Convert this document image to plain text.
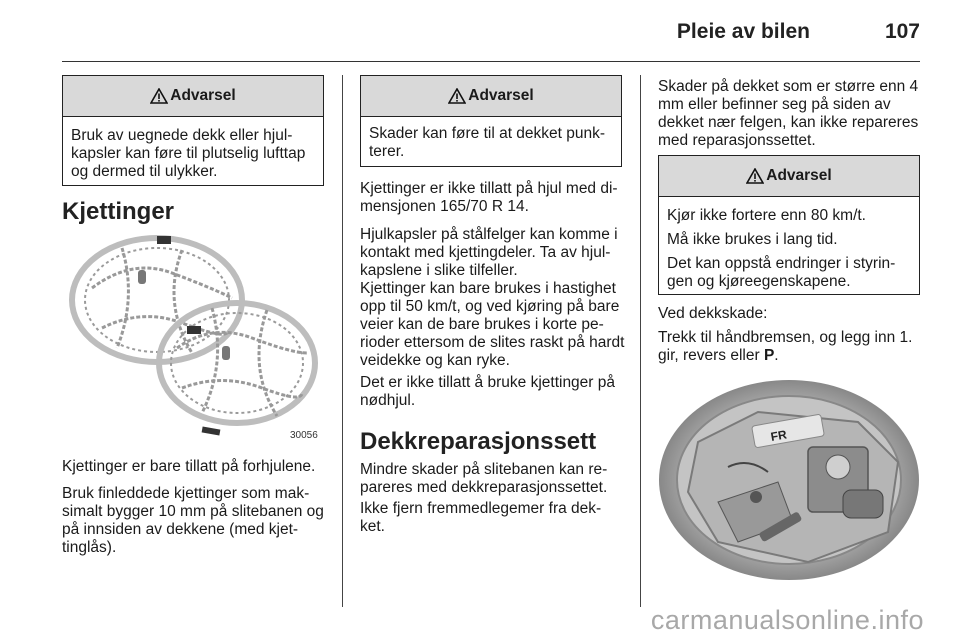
Pleie av bilen	107
Advarsel

Bruk av uegnede dekk eller hjul-kapsler kan føre til plutselig lufttap og dermed til ulykker.

Kjettinger
30056

Kjettinger er bare tillatt på forhjulene.

Bruk finleddede kjettinger som mak-simalt bygger 10 mm på slitebanen og på innsiden av dekkene (med kjet-tinglås).

Advarsel

Skader kan føre til at dekket punk-terer.

Kjettinger er ikke tillatt på hjul med di-mensjonen 165/70 R 14.

Hjulkapsler på stålfelger kan komme i kontakt med kjettingdeler. Ta av hjul-kapslene i slike tilfeller.

Kjettinger kan bare brukes i hastighet opp til 50 km/t, og ved kjøring på bare veier kan de bare brukes i korte pe-rioder ettersom de slites raskt på hardt veidekke og kan ryke.

Det er ikke tillatt å bruke kjettinger på nødhjul.

Dekkreparasjonssett

Mindre skader på slitebanen kan re-pareres med dekkreparasjonssettet.

Ikke fjern fremmedlegemer fra dek-ket.

Skader på dekket som er større enn 4 mm eller befinner seg på siden av dekket nær felgen, kan ikke repareres med reparasjonssettet.

Advarsel

Kjør ikke fortere enn 80 km/t.

Må ikke brukes i lang tid.

Det kan oppstå endringer i styrin-gen og kjøreegenskapene.

Ved dekkskade:

Trekk til håndbremsen, og legg inn 1. gir, revers eller P.

FR
carmanualsonline.info
